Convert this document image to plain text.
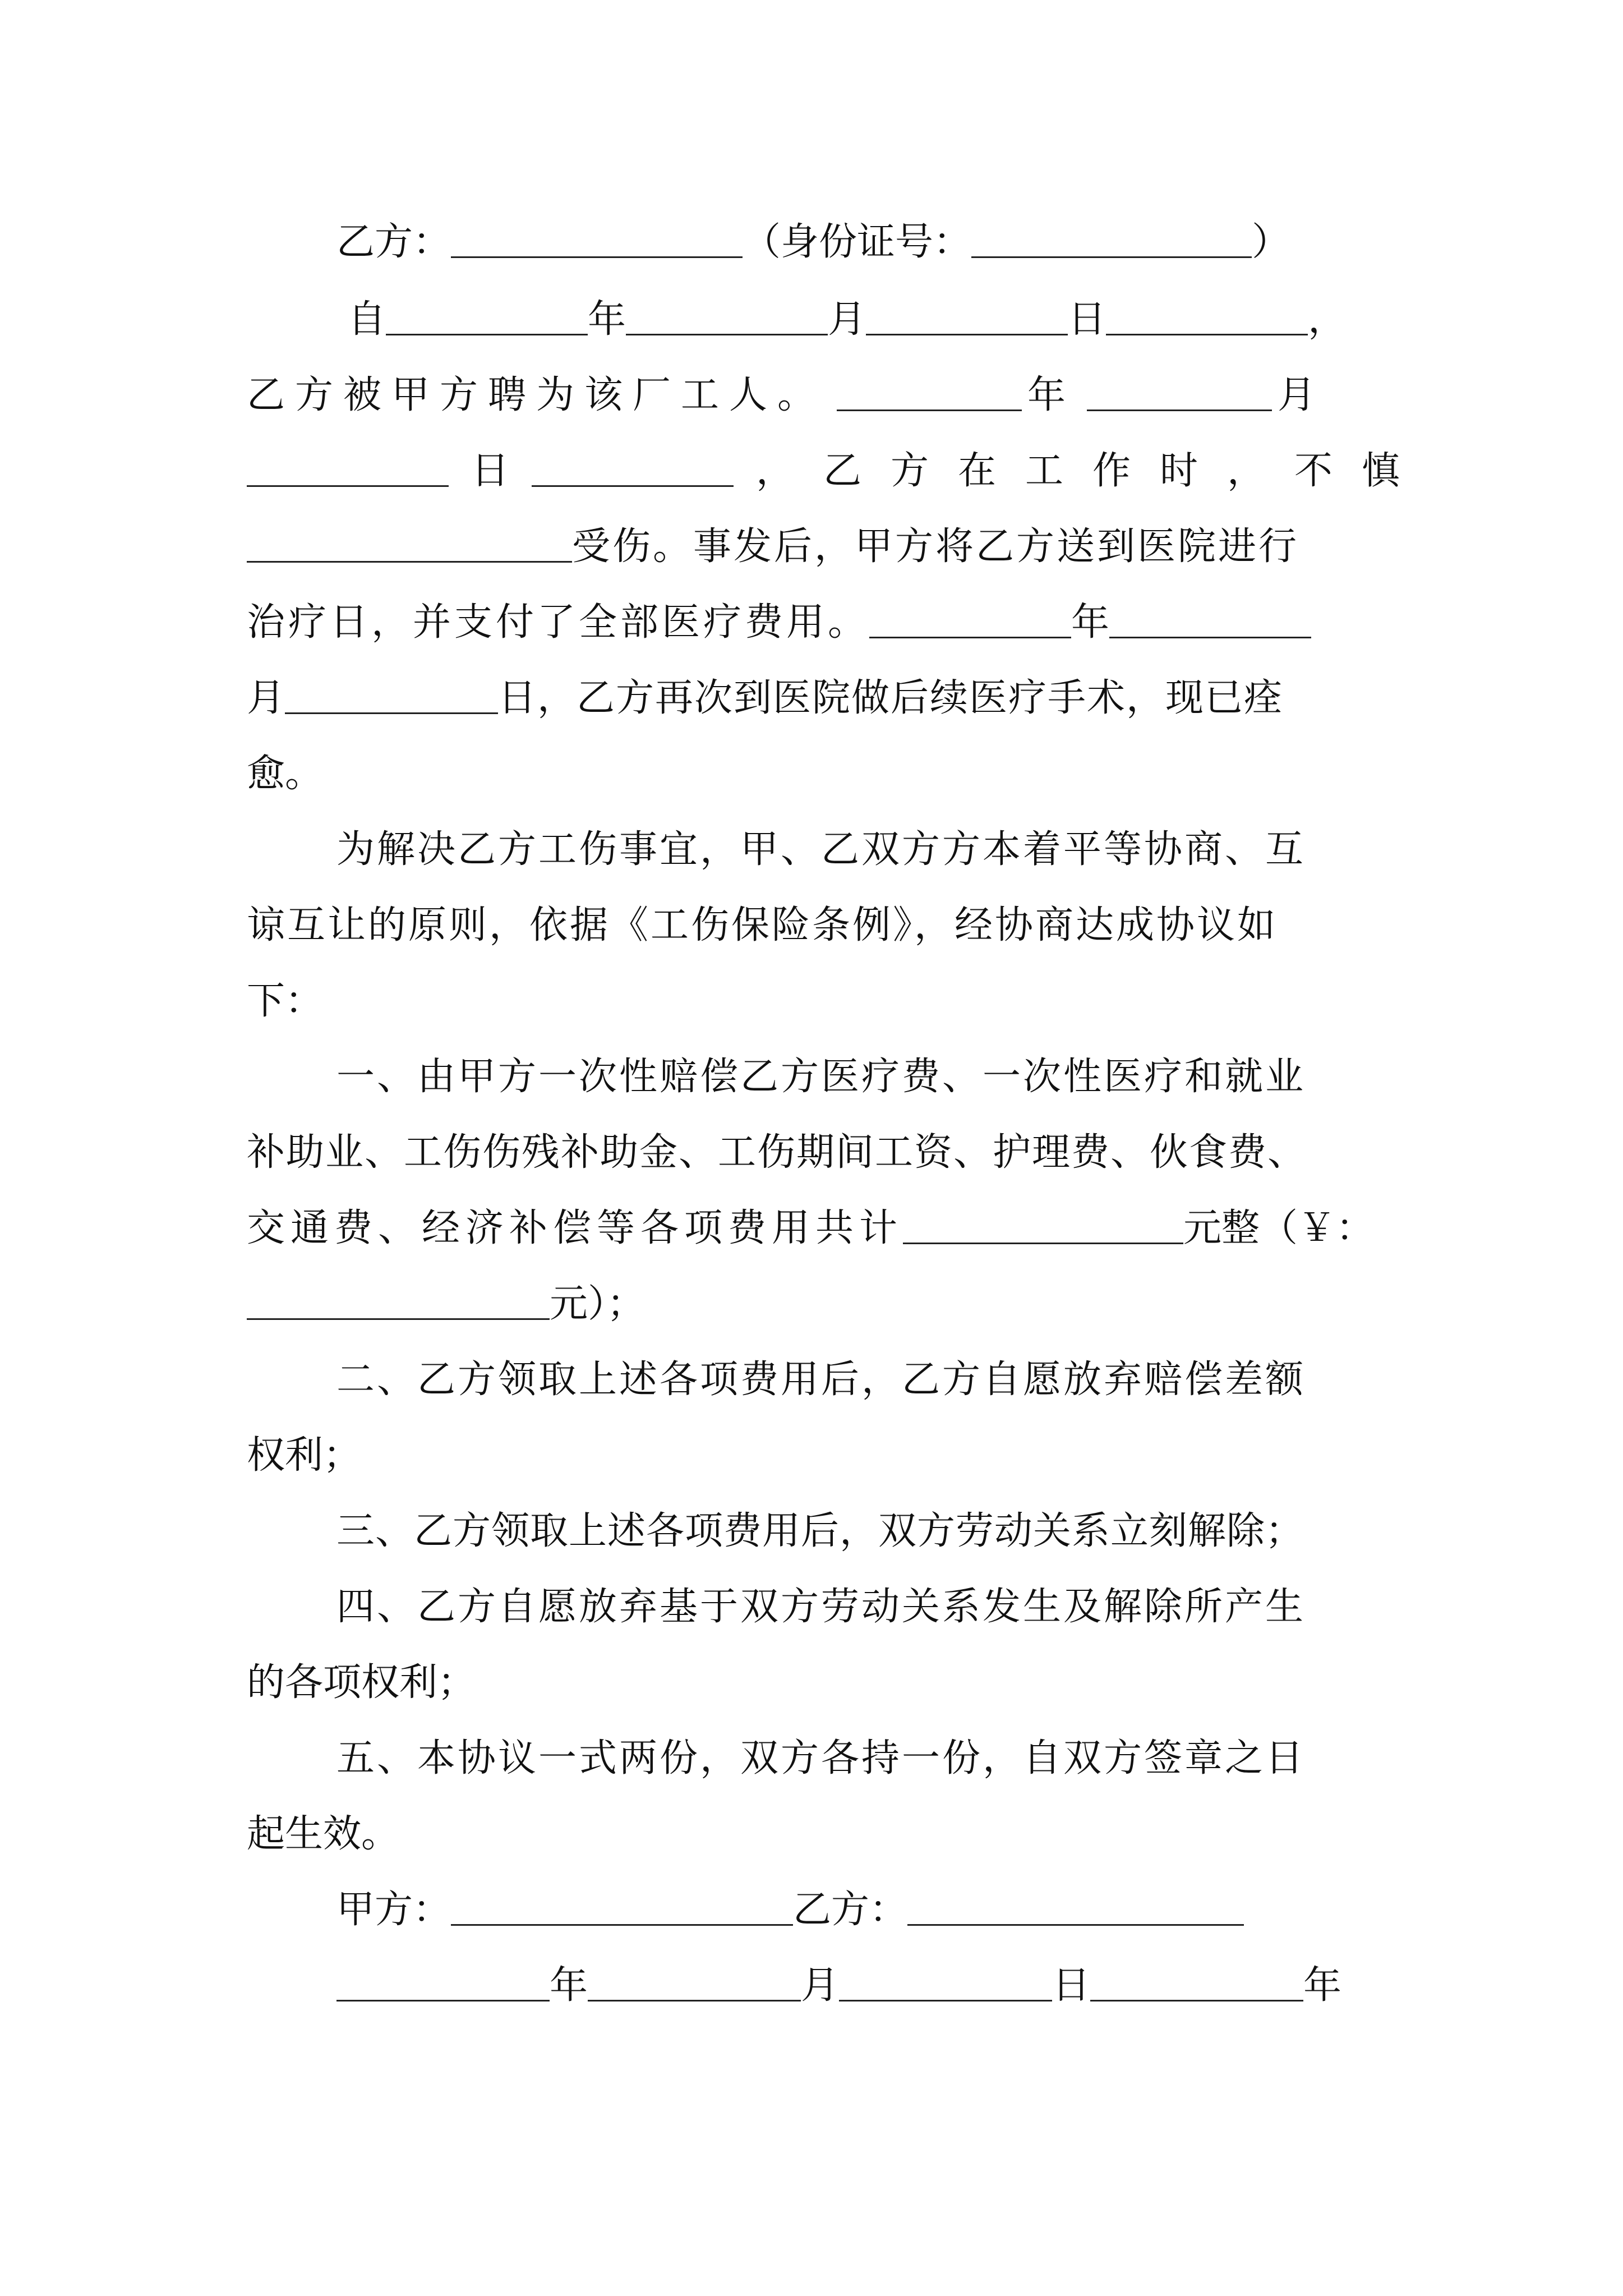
乙方：	（身份证号：	）
自	年	月	日	，
乙方被甲方聘为该厂工人。	年	月
日	，乙方在工作时，不慎
受伤。事发后，甲方将乙方送到医院进行
治疗日，并支付了全部医疗费用。	年
月	日，乙方再次到医院做后续医疗手术，现已痊
愈。
为解决乙方工伤事宜，甲、乙双方方本着平等协商、互
谅互让的原则，依据《工伤保险条例》，经协商达成协议如
下：
一、由甲方一次性赔偿乙方医疗费、一次性医疗和就业
补助业、工伤伤残补助金、工伤期间工资、护理费、伙食费、
交通费、经济补偿等各项费用共计	元整（￥：
元）；
二、乙方领取上述各项费用后，乙方自愿放弃赔偿差额
权利；
三、乙方领取上述各项费用后，双方劳动关系立刻解除；
四、乙方自愿放弃基于双方劳动关系发生及解除所产生
的各项权利；
五、本协议一式两份，双方各持一份，自双方签章之日
起生效。
甲方：	乙方：
年	月	日	年
